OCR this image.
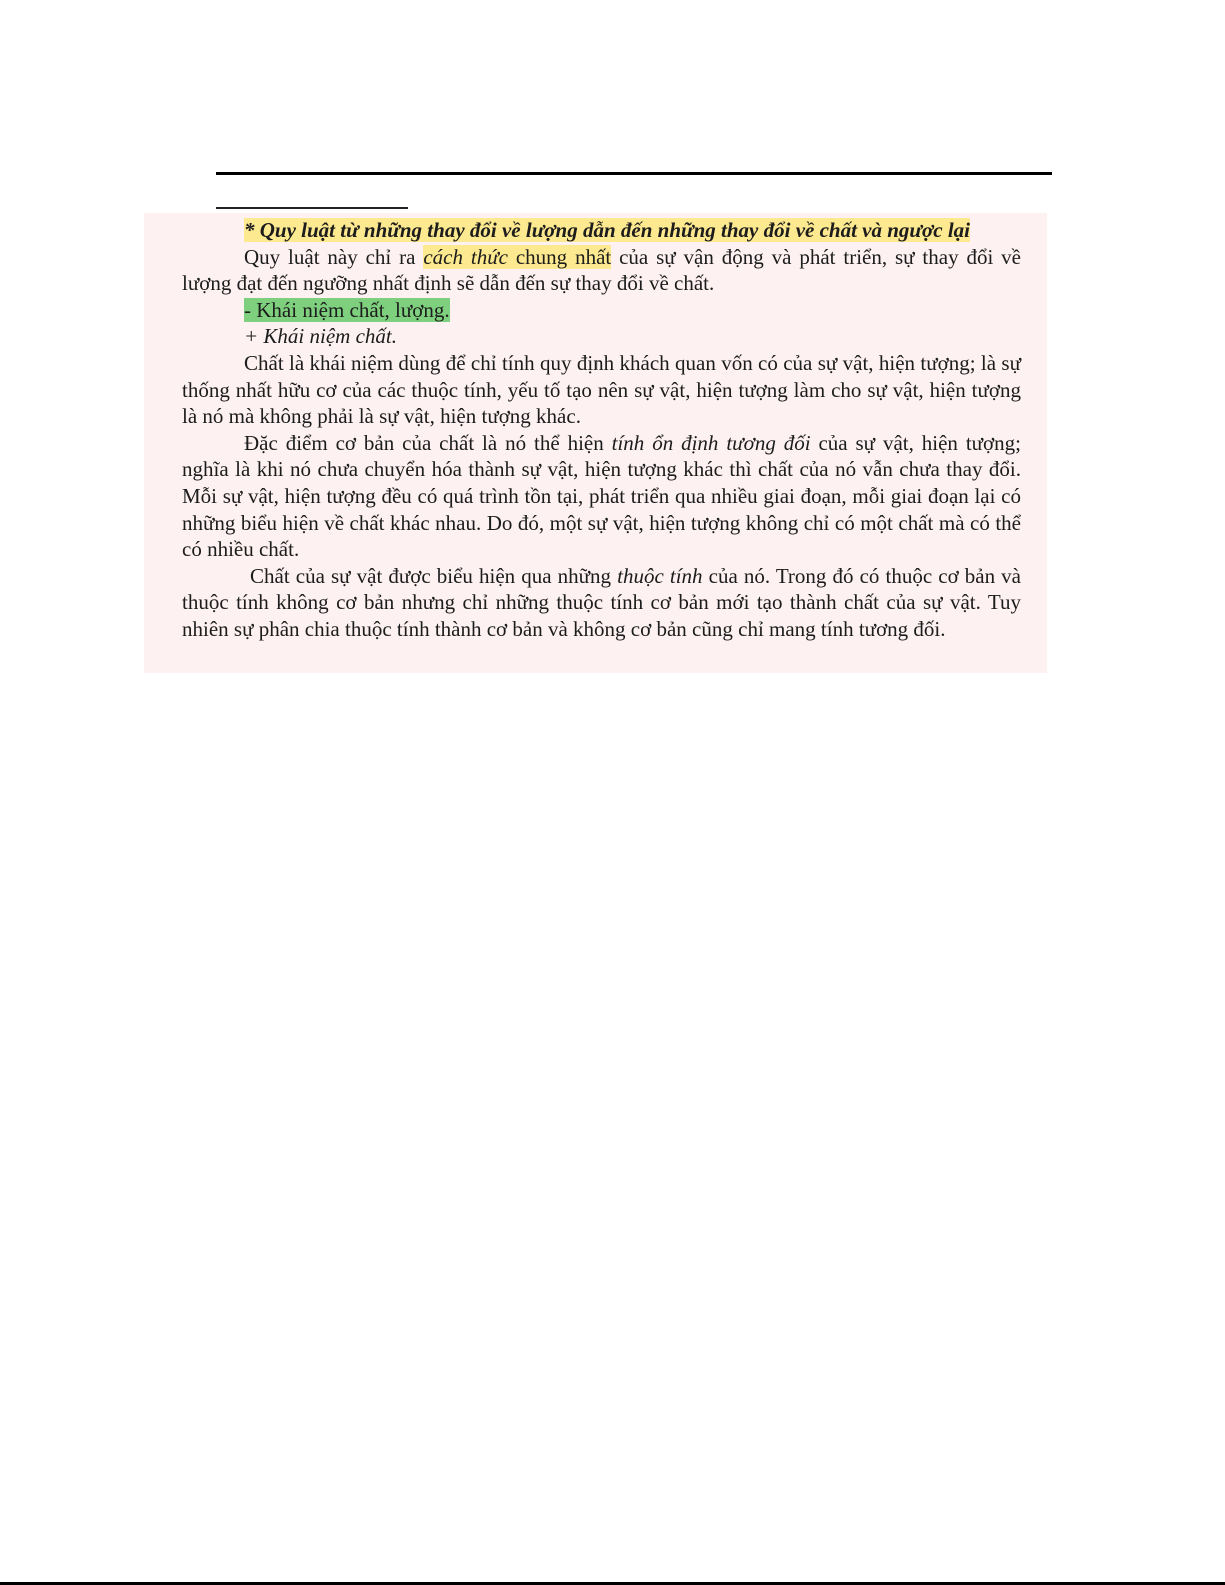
* Quy luật từ những thay đổi về lượng dẫn đến những thay đổi về chất và ngược lại

Quy luật này chỉ ra cách thức chung nhất của sự vận động và phát triển, sự thay đổi về lượng đạt đến ngưỡng nhất định sẽ dẫn đến sự thay đổi về chất.

- Khái niệm chất, lượng.

+ Khái niệm chất.

Chất là khái niệm dùng để chỉ tính quy định khách quan vốn có của sự vật, hiện tượng; là sự thống nhất hữu cơ của các thuộc tính, yếu tố tạo nên sự vật, hiện tượng làm cho sự vật, hiện tượng là nó mà không phải là sự vật, hiện tượng khác.

Đặc điểm cơ bản của chất là nó thể hiện tính ổn định tương đối của sự vật, hiện tượng; nghĩa là khi nó chưa chuyển hóa thành sự vật, hiện tượng khác thì chất của nó vẫn chưa thay đổi. Mỗi sự vật, hiện tượng đều có quá trình tồn tại, phát triển qua nhiều giai đoạn, mỗi giai đoạn lại có những biểu hiện về chất khác nhau. Do đó, một sự vật, hiện tượng không chỉ có một chất mà có thể có nhiều chất.

Chất của sự vật được biểu hiện qua những thuộc tính của nó. Trong đó có thuộc cơ bản và thuộc tính không cơ bản nhưng chỉ những thuộc tính cơ bản mới tạo thành chất của sự vật. Tuy nhiên sự phân chia thuộc tính thành cơ bản và không cơ bản cũng chỉ mang tính tương đối.
